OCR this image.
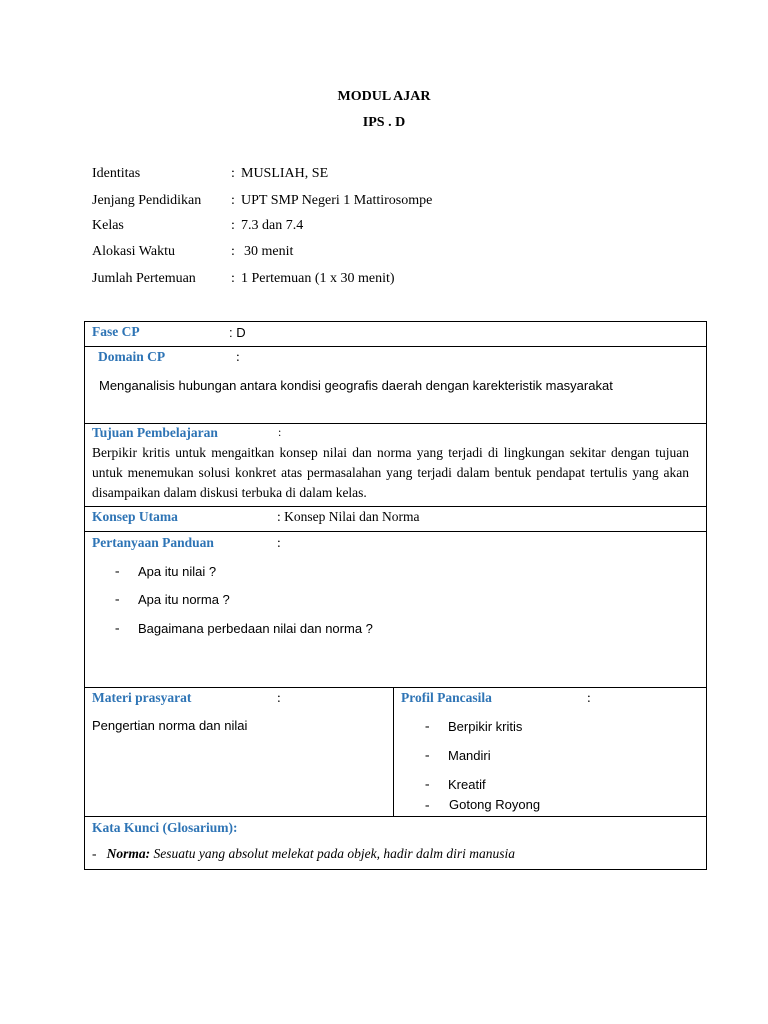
MODUL AJAR
IPS . D
Identitas	: MUSLIAH, SE
Jenjang Pendidikan : UPT SMP Negeri 1 Mattirosompe
Kelas	: 7.3 dan 7.4
Alokasi Waktu	: 30 menit
Jumlah Pertemuan	: 1 Pertemuan (1 x 30 menit)
Fase CP	: D
Domain CP	:
Menganalisis hubungan antara kondisi geografis daerah dengan karekteristik masyarakat
Tujuan Pembelajaran	:
Berpikir kritis untuk mengaitkan konsep nilai dan norma yang terjadi di lingkungan sekitar dengan tujuan untuk menemukan solusi konkret atas permasalahan yang terjadi dalam bentuk pendapat tertulis yang akan disampaikan dalam diskusi terbuka di dalam kelas.
Konsep Utama	: Konsep Nilai dan Norma
Pertanyaan Panduan	:
- Apa itu nilai ?
- Apa itu norma ?
- Bagaimana perbedaan nilai dan norma ?
Materi prasyarat	:
Pengertian norma dan nilai
Profil Pancasila	:
- Berpikir kritis
- Mandiri
- Kreatif
- Gotong Royong
Kata Kunci (Glosarium):
- Norma: Sesuatu yang absolut melekat pada objek, hadir dalm diri manusia
